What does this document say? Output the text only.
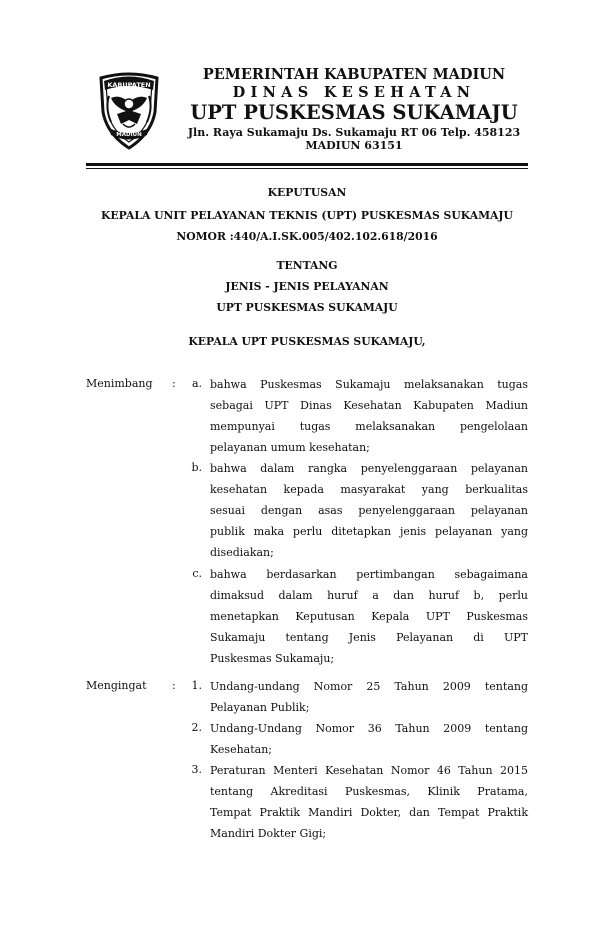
KABUPATEN
MADIUN
PEMERINTAH KABUPATEN MADIUN
DINAS KESEHATAN
UPT PUSKESMAS SUKAMAJU
Jln. Raya Sukamaju Ds. Sukamaju RT 06 Telp. 458123
MADIUN 63151
KEPUTUSAN
KEPALA UNIT PELAYANAN TEKNIS (UPT) PUSKESMAS SUKAMAJU
NOMOR :440/A.I.SK.005/402.102.618/2016
TENTANG
JENIS - JENIS PELAYANAN
UPT PUSKESMAS SUKAMAJU
KEPALA UPT PUSKESMAS SUKAMAJU,
Menimbang :	a. bahwa Puskesmas Sukamaju melaksanakan tugas
sebagai UPT Dinas Kesehatan Kabupaten Madiun
mempunyai tugas melaksanakan pengelolaan
pelayanan umum kesehatan;
b. bahwa dalam rangka penyelenggaraan pelayanan
kesehatan kepada masyarakat yang berkualitas
sesuai dengan asas penyelenggaraan pelayanan
publik maka perlu ditetapkan jenis pelayanan yang
disediakan;
c. bahwa berdasarkan pertimbangan sebagaimana
dimaksud dalam huruf a dan huruf b, perlu
menetapkan Keputusan Kepala UPT Puskesmas
Sukamaju tentang Jenis Pelayanan di UPT
Puskesmas Sukamaju;
Mengingat :	1. Undang-undang Nomor 25 Tahun 2009 tentang
Pelayanan Publik;
2. Undang-Undang Nomor 36 Tahun 2009 tentang
Kesehatan;
3. Peraturan Menteri Kesehatan Nomor 46 Tahun 2015
tentang Akreditasi Puskesmas, Klinik Pratama,
Tempat Praktik Mandiri Dokter, dan Tempat Praktik
Mandiri Dokter Gigi;
